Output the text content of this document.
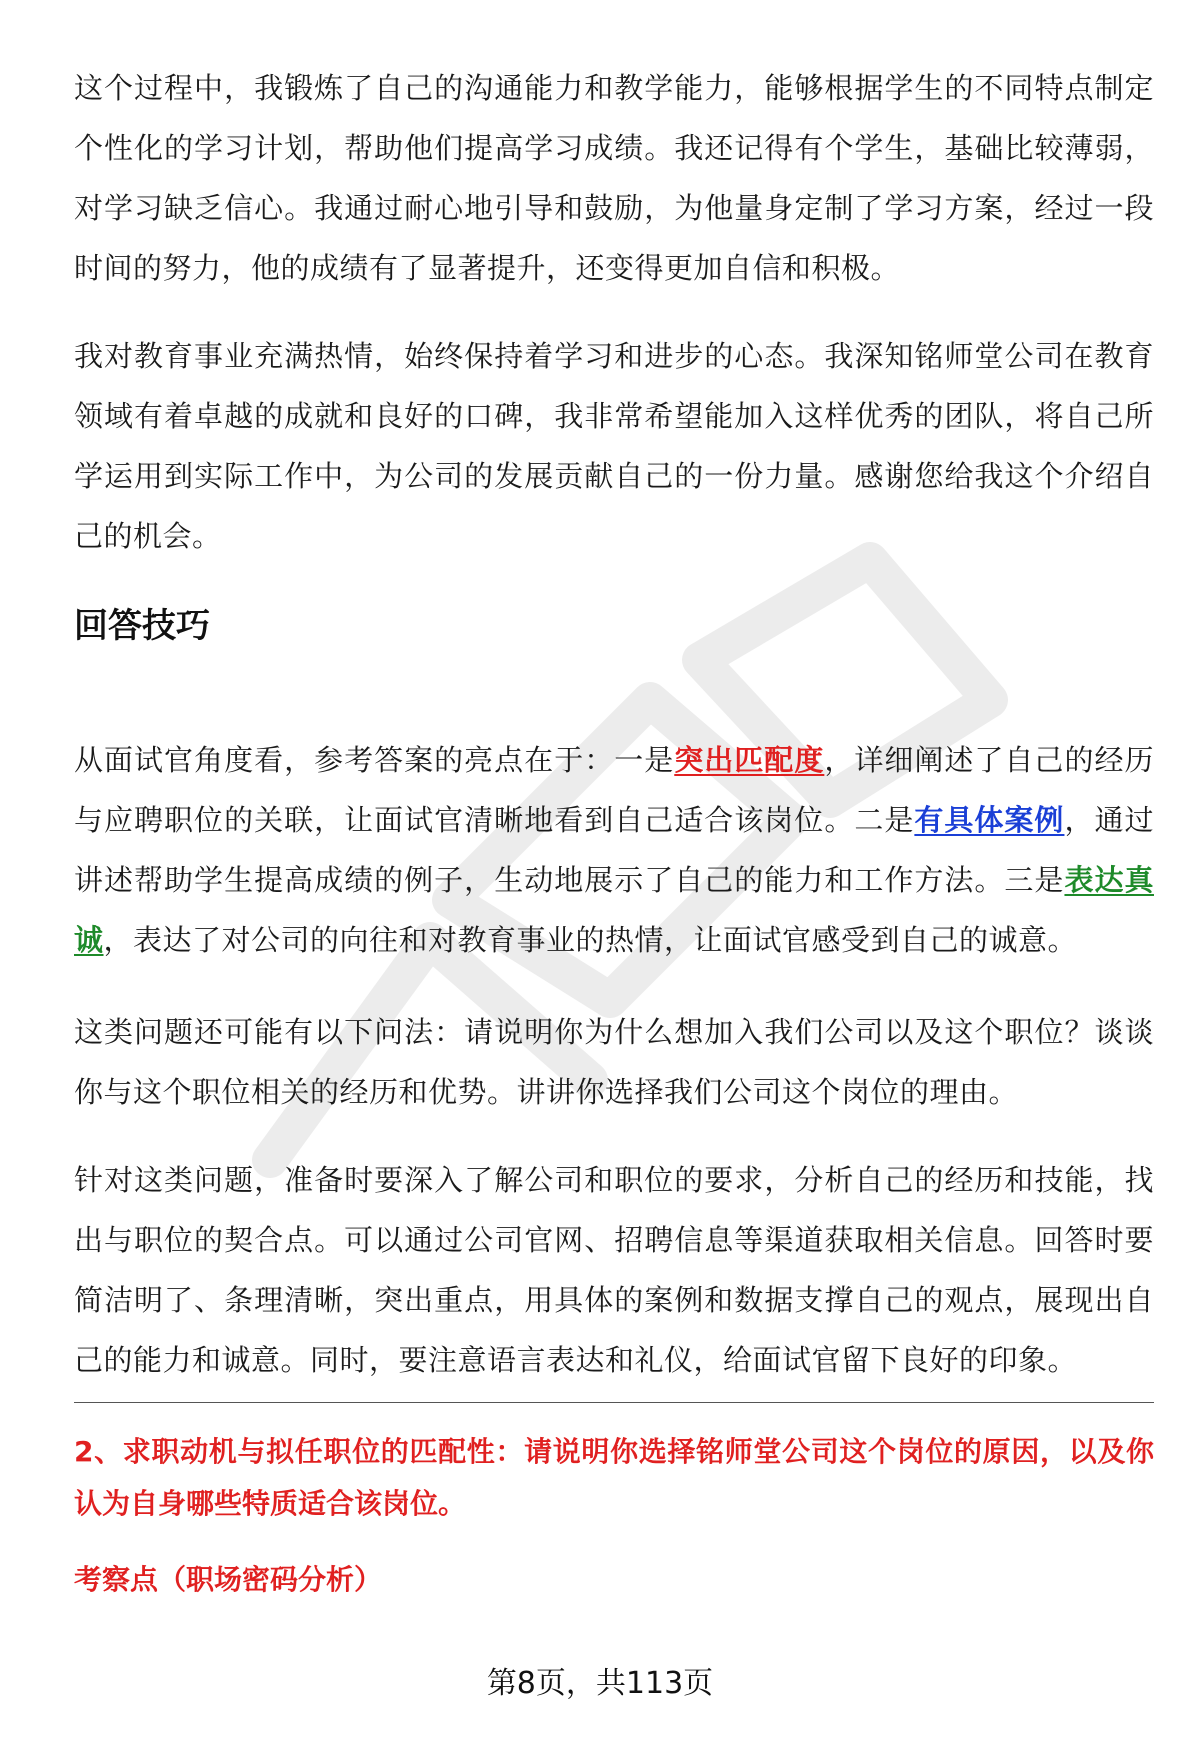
这个过程中，我锻炼了自己的沟通能力和教学能力，能够根据学生的不同特点制定个性化的学习计划，帮助他们提高学习成绩。我还记得有个学生，基础比较薄弱，对学习缺乏信心。我通过耐心地引导和鼓励，为他量身定制了学习方案，经过一段时间的努力，他的成绩有了显著提升，还变得更加自信和积极。

我对教育事业充满热情，始终保持着学习和进步的心态。我深知铭师堂公司在教育领域有着卓越的成就和良好的口碑，我非常希望能加入这样优秀的团队，将自己所学运用到实际工作中，为公司的发展贡献自己的一份力量。感谢您给我这个介绍自己的机会。

回答技巧

从面试官角度看，参考答案的亮点在于：一是突出匹配度，详细阐述了自己的经历与应聘职位的关联，让面试官清晰地看到自己适合该岗位。二是有具体案例，通过讲述帮助学生提高成绩的例子，生动地展示了自己的能力和工作方法。三是表达真诚，表达了对公司的向往和对教育事业的热情，让面试官感受到自己的诚意。

这类问题还可能有以下问法：请说明你为什么想加入我们公司以及这个职位？谈谈你与这个职位相关的经历和优势。讲讲你选择我们公司这个岗位的理由。

针对这类问题，准备时要深入了解公司和职位的要求，分析自己的经历和技能，找出与职位的契合点。可以通过公司官网、招聘信息等渠道获取相关信息。回答时要简洁明了、条理清晰，突出重点，用具体的案例和数据支撑自己的观点，展现出自己的能力和诚意。同时，要注意语言表达和礼仪，给面试官留下良好的印象。

2、求职动机与拟任职位的匹配性：请说明你选择铭师堂公司这个岗位的原因，以及你认为自身哪些特质适合该岗位。

考察点（职场密码分析）

第8页，共113页
